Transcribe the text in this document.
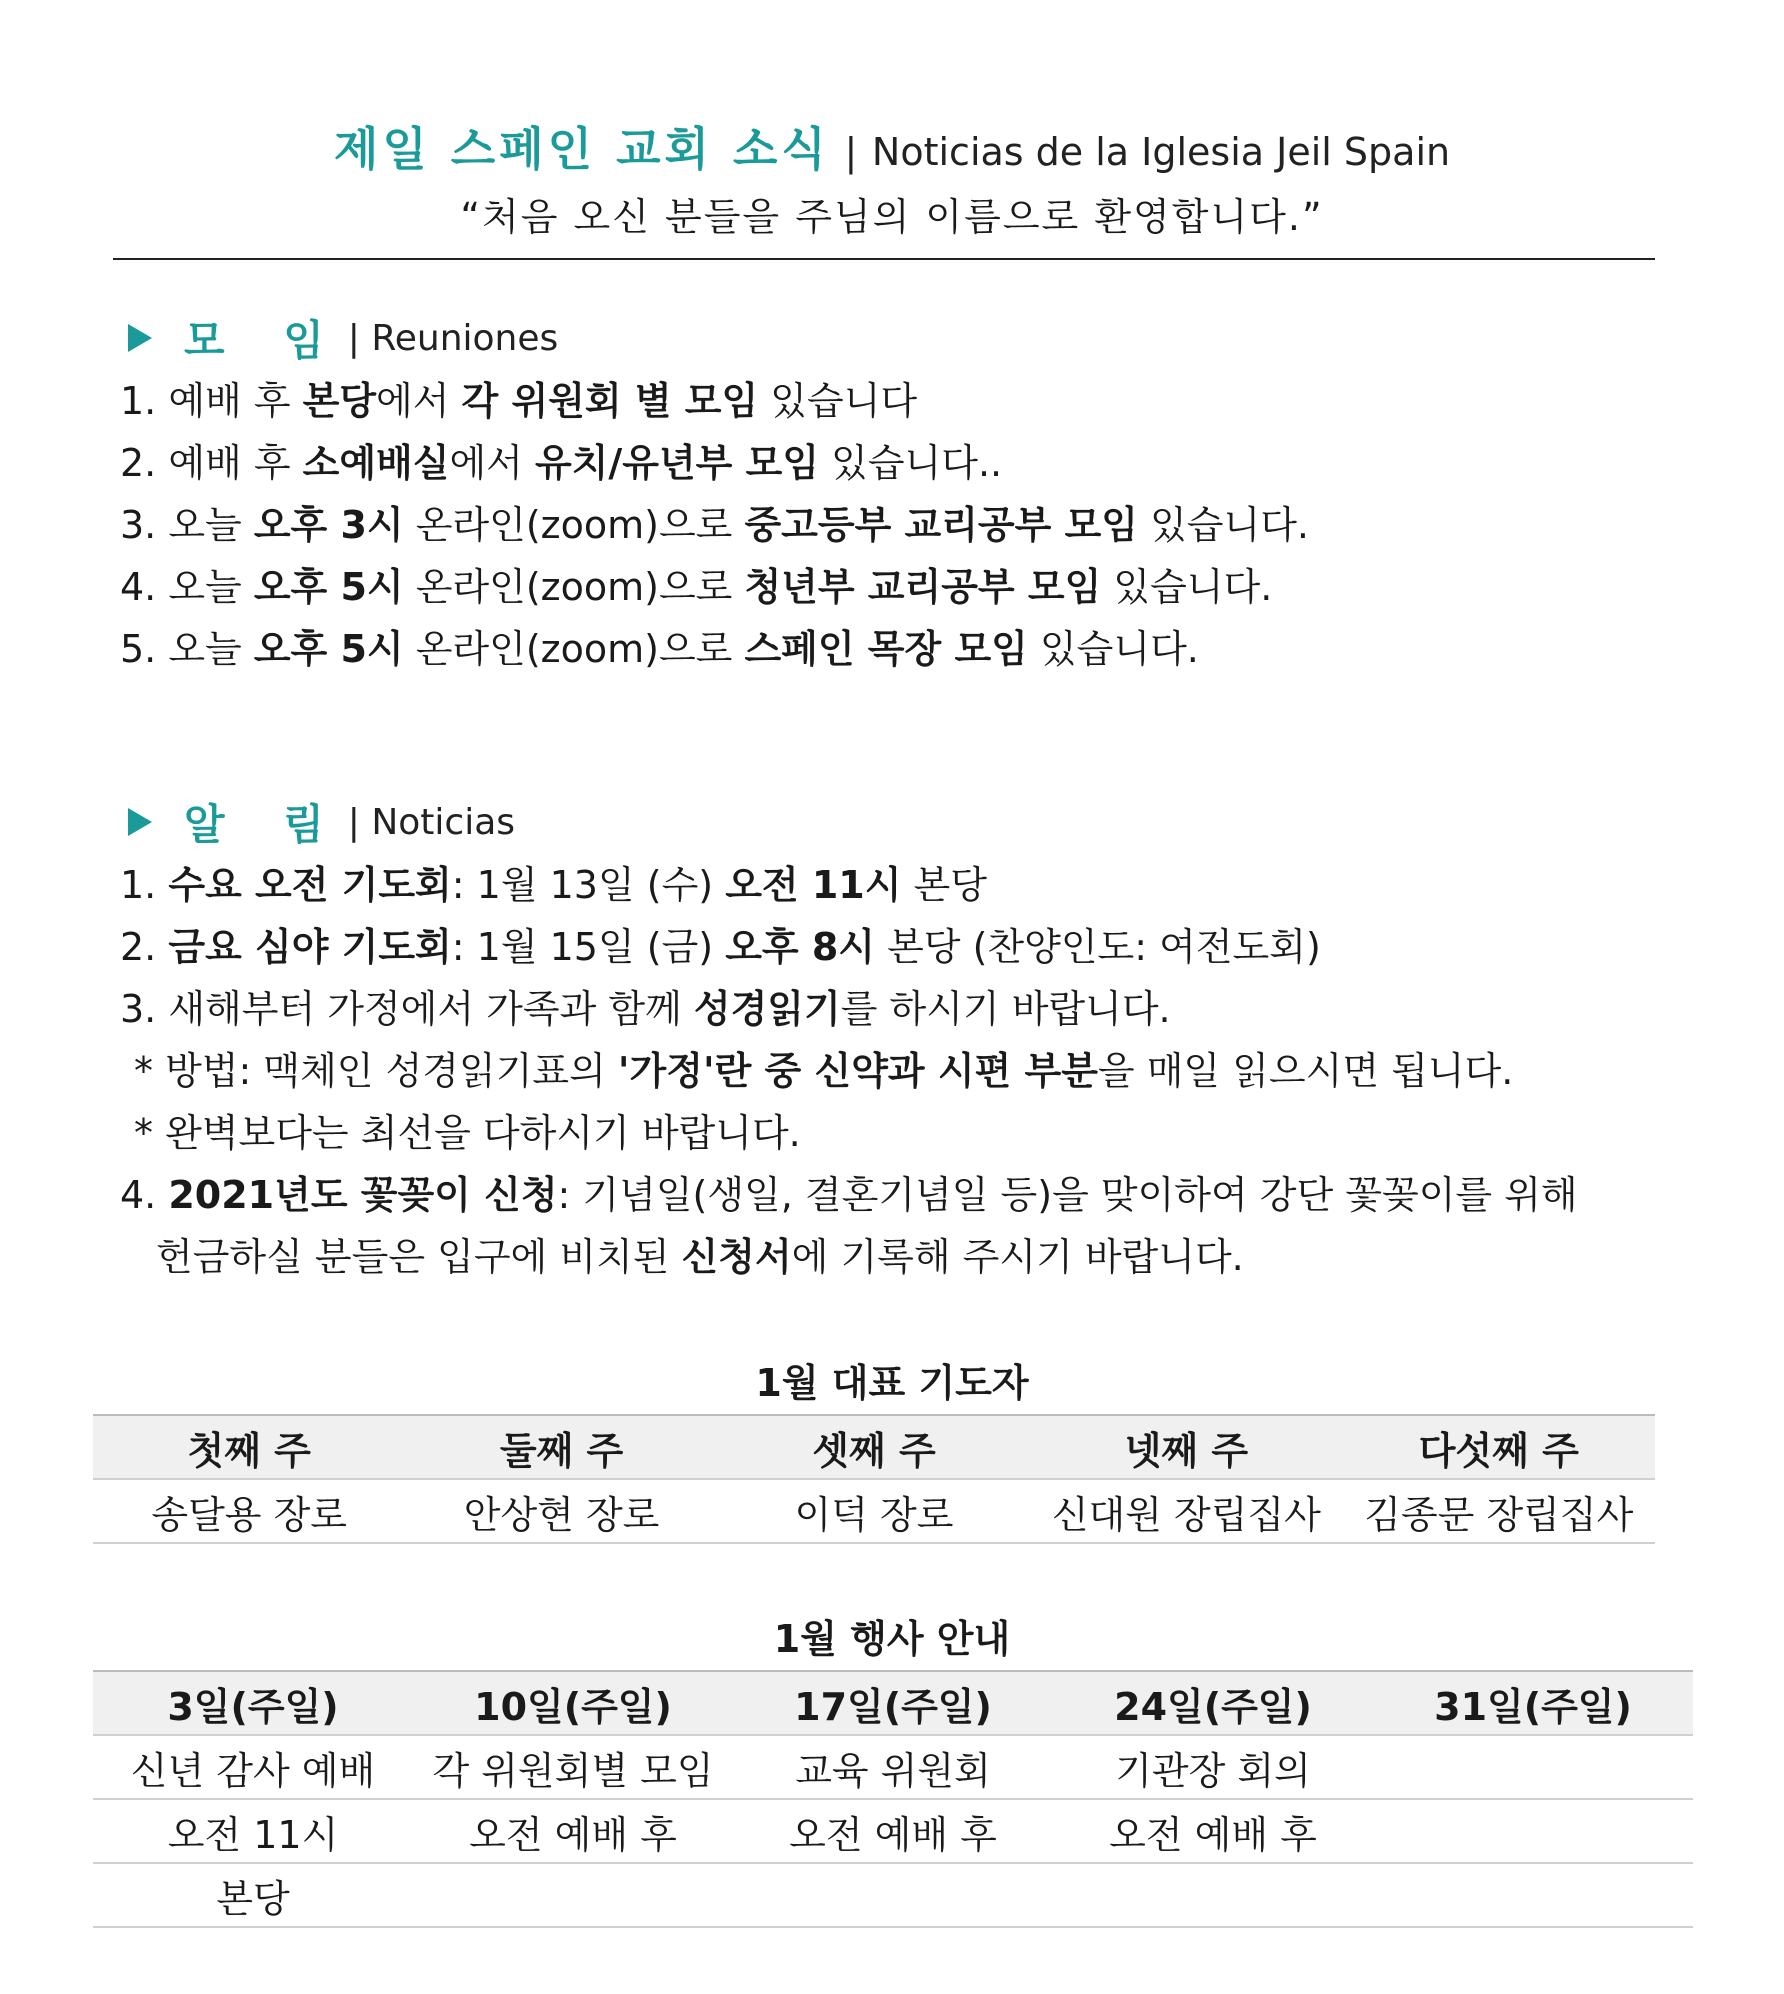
제일 스페인 교회 소식 | Noticias de la Iglesia Jeil Spain
“처음 오신 분들을 주님의 이름으로 환영합니다.”
모 임 | Reuniones
1. 예배 후 본당에서 각 위원회 별 모임 있습니다
2. 예배 후 소예배실에서 유치/유년부 모임 있습니다..
3. 오늘 오후 3시 온라인(zoom)으로 중고등부 교리공부 모임 있습니다.
4. 오늘 오후 5시 온라인(zoom)으로 청년부 교리공부 모임 있습니다.
5. 오늘 오후 5시 온라인(zoom)으로 스페인 목장 모임 있습니다.
알 림 | Noticias
1. 수요 오전 기도회: 1월 13일 (수) 오전 11시 본당
2. 금요 심야 기도회: 1월 15일 (금) 오후 8시 본당 (찬양인도: 여전도회)
3. 새해부터 가정에서 가족과 함께 성경읽기를 하시기 바랍니다.
* 방법: 맥체인 성경읽기표의 '가정'란 중 신약과 시편 부분을 매일 읽으시면 됩니다.
* 완벽보다는 최선을 다하시기 바랍니다.
4. 2021년도 꽃꽂이 신청: 기념일(생일, 결혼기념일 등)을 맞이하여 강단 꽃꽂이를 위해
헌금하실 분들은 입구에 비치된 신청서에 기록해 주시기 바랍니다.
1월 대표 기도자
첫째 주	둘째 주	셋째 주	넷째 주	다섯째 주
송달용 장로	안상현 장로	이덕 장로	신대원 장립집사	김종문 장립집사
1월 행사 안내
3일(주일)	10일(주일)	17일(주일)	24일(주일)	31일(주일)
신년 감사 예배	각 위원회별 모임	교육 위원회	기관장 회의	
오전 11시	오전 예배 후	오전 예배 후	오전 예배 후	
본당				
